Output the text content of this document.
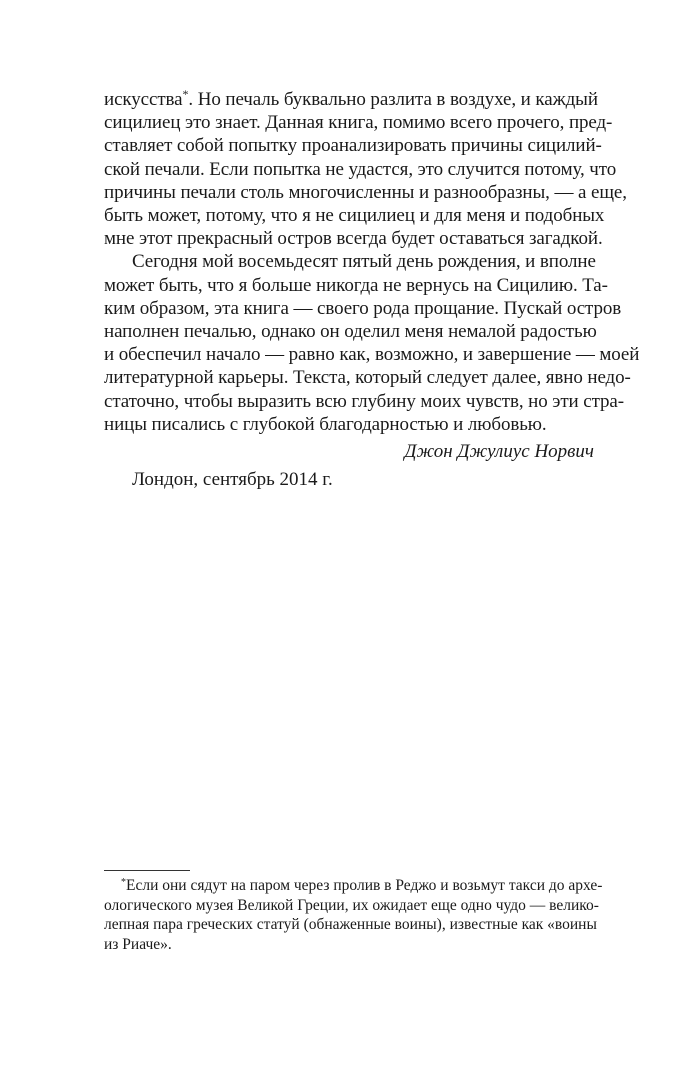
искусства*. Но печаль буквально разлита в воздухе, и каждый
сицилиец это знает. Данная книга, помимо всего прочего, пред-
ставляет собой попытку проанализировать причины сицилий-
ской печали. Если попытка не удастся, это случится потому, что
причины печали столь многочисленны и разнообразны, — а еще,
быть может, потому, что я не сицилиец и для меня и подобных
мне этот прекрасный остров всегда будет оставаться загадкой.
Сегодня мой восемьдесят пятый день рождения, и вполне
может быть, что я больше никогда не вернусь на Сицилию. Та-
ким образом, эта книга — своего рода прощание. Пускай остров
наполнен печалью, однако он оделил меня немалой радостью
и обеспечил начало — равно как, возможно, и завершение — моей
литературной карьеры. Текста, который следует далее, явно недо-
статочно, чтобы выразить всю глубину моих чувств, но эти стра-
ницы писались с глубокой благодарностью и любовью.
Джон Джулиус Норвич
Лондон, сентябрь 2014 г.
*Если они сядут на паром через пролив в Реджо и возьмут такси до архе-
ологического музея Великой Греции, их ожидает еще одно чудо — велико-
лепная пара греческих статуй (обнаженные воины), известные как «воины
из Риаче».
